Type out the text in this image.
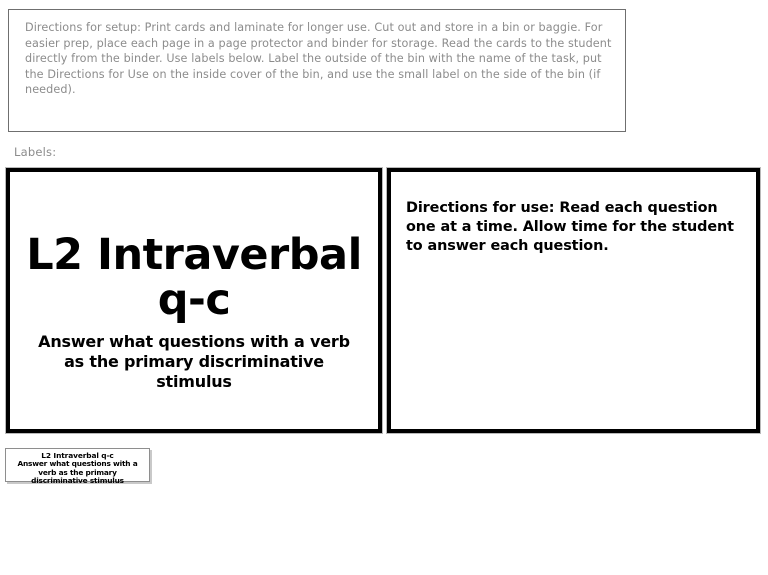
Directions for setup: Print cards and laminate for longer use. Cut out and store in a bin or baggie. For easier prep, place each page in a page protector and binder for storage. Read the cards to the student directly from the binder. Use labels below. Label the outside of the bin with the name of the task, put the Directions for Use on the inside cover of the bin, and use the small label on the side of the bin (if needed).
Labels:
L2 Intraverbal q-c
Answer what questions with a verb as the primary discriminative stimulus
Directions for use: Read each question one at a time. Allow time for the student to answer each question.
L2 Intraverbal q-c
Answer what questions with a verb as the primary discriminative stimulus
